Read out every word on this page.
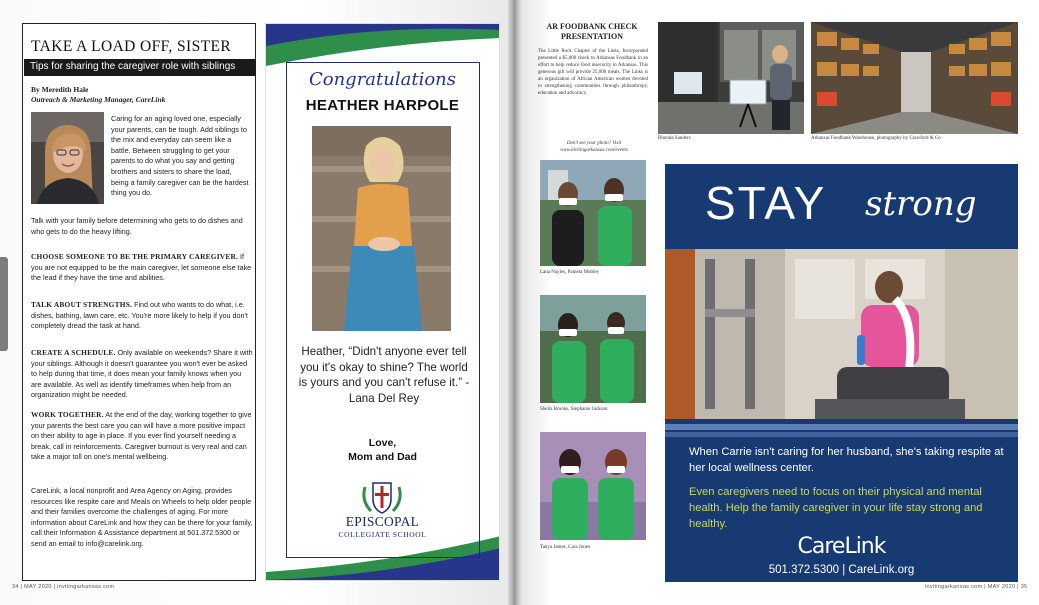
TAKE A LOAD OFF, SISTER
Tips for sharing the caregiver role with siblings
By Meredith Hale
Outreach & Marketing Manager, CareLink
Caring for an aging loved one, especially your parents, can be tough. Add siblings to the mix and everyday can seem like a battle. Between struggling to get your parents to do what you say and getting brothers and sisters to share the load, being a family caregiver can be the hardest thing you do.
Talk with your family before determining who gets to do dishes and who gets to do the heavy lifting.
CHOOSE SOMEONE TO BE THE PRIMARY CAREGIVER. If you are not equipped to be the main caregiver, let someone else take the lead if they have the time and abilities.
TALK ABOUT STRENGTHS. Find out who wants to do what, i.e. dishes, bathing, lawn care, etc. You're more likely to help if you don't completely dread the task at hand.
CREATE A SCHEDULE. Only available on weekends? Share it with your siblings. Although it doesn't guarantee you won't ever be asked to help during that time, it does mean your family knows when you are available. As well as identify timeframes when help from an organization might be needed.
WORK TOGETHER. At the end of the day, working together to give your parents the best care you can will have a more positive impact on their ability to age in place. If you ever find yourself needing a break, call in reinforcements. Caregiver burnout is very real and can take a major toll on one's mental wellbeing.
CareLink, a local nonprofit and Area Agency on Aging, provides resources like respite care and Meals on Wheels to help older people and their families overcome the challenges of aging. For more information about CareLink and how they can be there for your family, call their Information & Assistance department at 501.372.5300 or send an email to info@carelink.org.
Congratulations
HEATHER HARPOLE
Heather, “Didn't anyone ever tell you it's okay to shine? The world is yours and you can't refuse it.” -Lana Del Rey
Love,
Mom and Dad
EPISCOPAL
COLLEGIATE SCHOOL
34 | MAY 2020 | invitingarkansas.com	invitingarkansas.com | MAY 2020 | 35
AR FOODBANK CHECK PRESENTATION
The Little Rock Chapter of the Links, Incorporated presented a $5,000 check to Arkansas Foodbank in an effort to help reduce food insecurity in Arkansas. This generous gift will provide 25,000 meals. The Links is an organization of African American women devoted to strengthening communities through philanthropy, education and advocacy.
Don't see your photo? Visit www.invitingarkansas.com/events
Rhonda Sanders	Arkansas Foodbank Warehouse, photography by Crawford & Co
Lana Nayles, Pamela Mobley
Shelia Brooks, Stephanie Jackson
Tanya James, Cara Jones
STAY strong
When Carrie isn't caring for her husband, she's taking respite at her local wellness center.
Even caregivers need to focus on their physical and mental health. Help the family caregiver in your life stay strong and healthy.
CareLink
501.372.5300 | CareLink.org
